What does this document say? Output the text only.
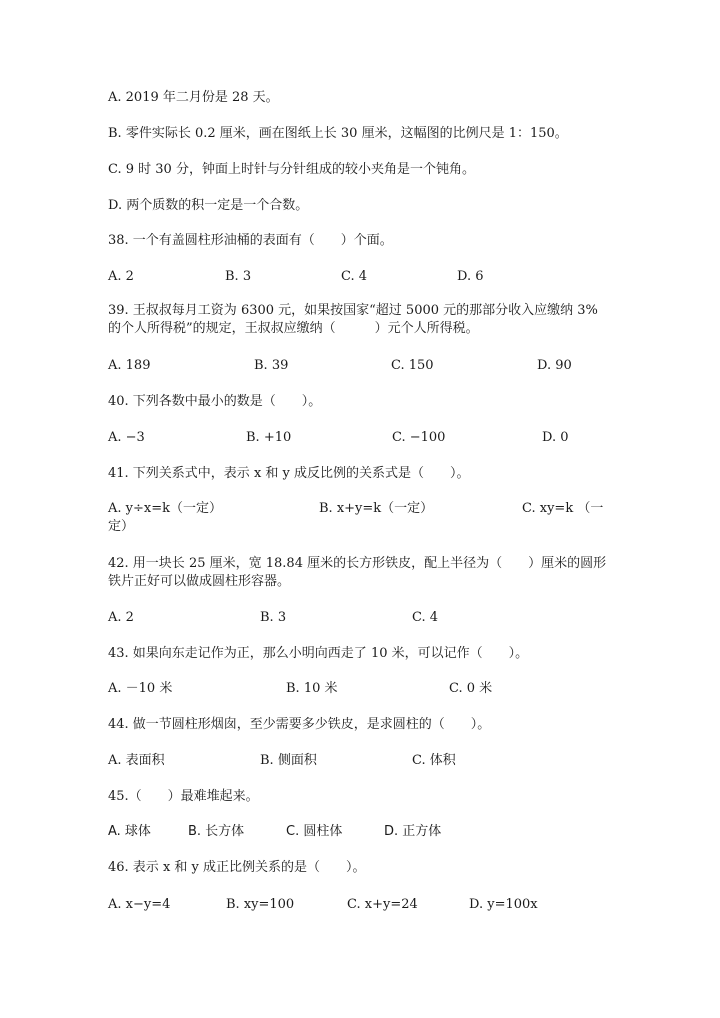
A. 2019 年二月份是 28 天。
B. 零件实际长 0.2 厘米，画在图纸上长 30 厘米，这幅图的比例尺是 1：150。
C. 9 时 30 分，钟面上时针与分针组成的较小夹角是一个钝角。
D. 两个质数的积一定是一个合数。
38. 一个有盖圆柱形油桶的表面有（　　）个面。
A. 2	B. 3	C. 4	D. 6
39. 王叔叔每月工资为 6300 元，如果按国家“超过 5000 元的那部分收入应缴纳 3%的个人所得税”的规定，王叔叔应缴纳（　　　）元个人所得税。
A. 189	B. 39	C. 150	D. 90
40. 下列各数中最小的数是（　　）。
A. −3	B. +10	C. −100	D. 0
41. 下列关系式中，表示 x 和 y 成反比例的关系式是（　　）。
A. y÷x=k（一定）	B. x+y=k（一定）	C. xy=k （一
定）
42. 用一块长 25 厘米，宽 18.84 厘米的长方形铁皮，配上半径为（　　）厘米的圆形铁片正好可以做成圆柱形容器。
A. 2	B. 3	C. 4
43. 如果向东走记作为正，那么小明向西走了 10 米，可以记作（　　）。
A. －10 米	B. 10 米	C. 0 米
44. 做一节圆柱形烟囱，至少需要多少铁皮，是求圆柱的（　　）。
A. 表面积	B. 侧面积	C. 体积
45.（　　）最难堆起来。
A. 球体	B. 长方体	C. 圆柱体	D. 正方体
46. 表示 x 和 y 成正比例关系的是（　　）。
A. x−y=4	B. xy=100	C. x+y=24	D. y=100x
